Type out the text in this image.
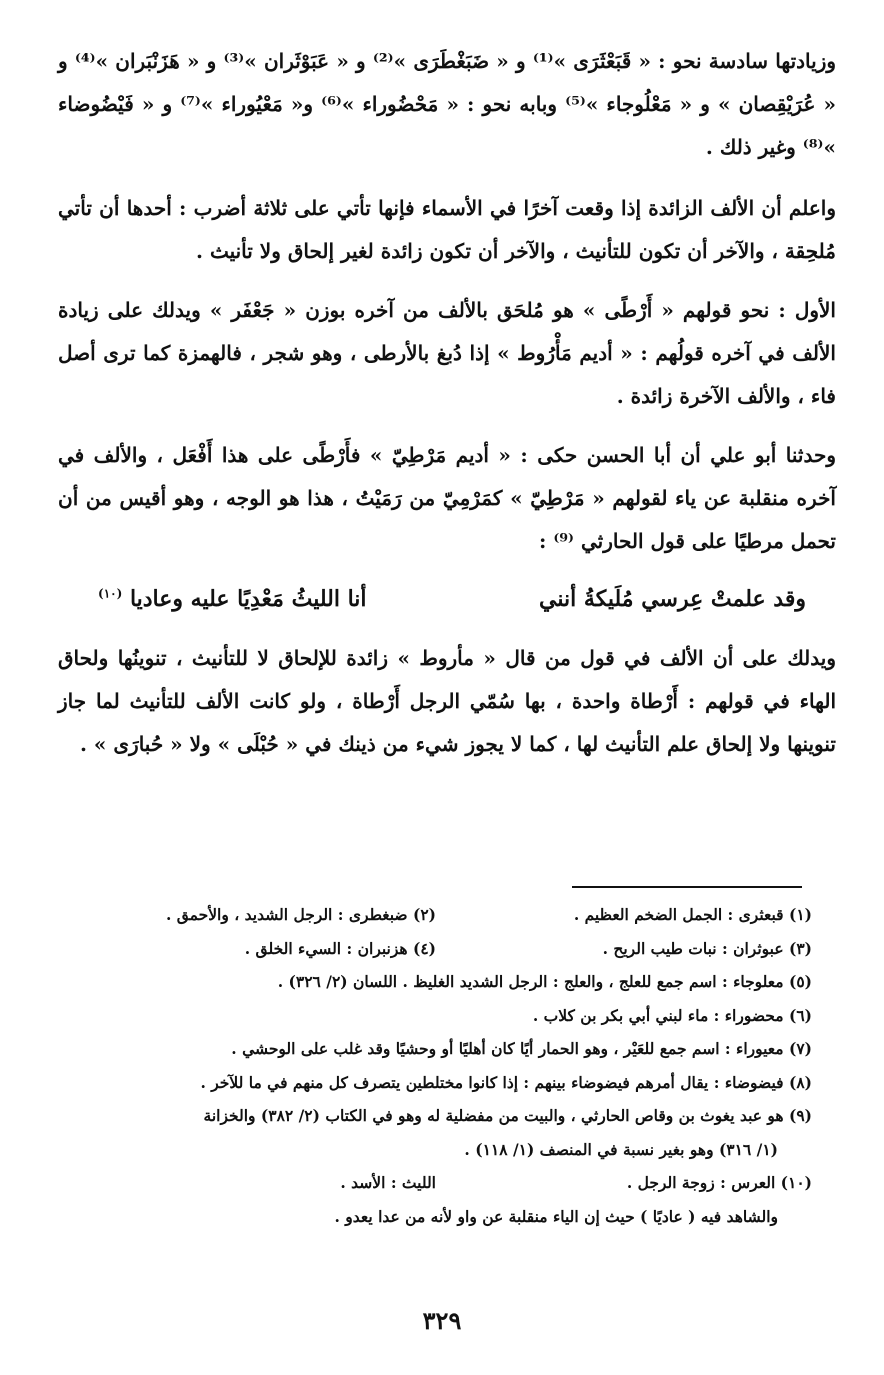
وزيادتها سادسة نحو : « قَبَعْثَرَى »⁽¹⁾ و « ضَبَغْطَرَى »⁽²⁾ و « عَبَوْثَران »⁽³⁾ و « هَزَنْبَران »⁽⁴⁾ و « عُرَيْقِصان » و « مَعْلُوجاء »⁽⁵⁾ وبابه نحو : « مَحْضُوراء »⁽⁶⁾ و« مَعْيُوراء »⁽⁷⁾ و « فَيْضُوضاء »⁽⁸⁾ وغير ذلك .

واعلم أن الألف الزائدة إذا وقعت آخرًا في الأسماء فإنها تأتي على ثلاثة أضرب : أحدها أن تأتي مُلحِقة ، والآخر أن تكون للتأنيث ، والآخر أن تكون زائدة لغير إلحاق ولا تأنيث .

الأول : نحو قولهم « أَرْطًى » هو مُلحَق بالألف من آخره بوزن « جَعْفَر » ويدلك على زيادة الألف في آخره قولُهم : « أديم مَأْرُوط » إذا دُبغ بالأرطى ، وهو شجر ، فالهمزة كما ترى أصل فاء ، والألف الآخرة زائدة .

وحدثنا أبو علي أن أبا الحسن حكى : « أديم مَرْطِيّ » فأَرْطًى على هذا أَفْعَل ، والألف في آخره منقلبة عن ياء لقولهم « مَرْطِيّ » كمَرْمِيّ من رَمَيْتُ ، هذا هو الوجه ، وهو أقيس من أن تحمل مرطيًا على قول الحارثي ⁽⁹⁾ :

وقد علمتْ عِرسي مُلَيكةُ أنني
أنا الليثُ مَعْدِيًا عليه وعاديا $^{(١٠)}$

ويدلك على أن الألف في قول من قال « مأروط » زائدة للإلحاق لا للتأنيث ، تنوينُها ولحاق الهاء في قولهم : أَرْطاة واحدة ، بها سُمّي الرجل أَرْطاة ، ولو كانت الألف للتأنيث لما جاز تنوينها ولا إلحاق علم التأنيث لها ، كما لا يجوز شيء من ذينك في « حُبْلَى » ولا « حُبارَى » .

(١) قبعثرى : الجمل الضخم العظيم .
(٢) ضبغطرى : الرجل الشديد ، والأحمق .
(٣) عبوثران : نبات طيب الريح .
(٤) هزنبران : السيء الخلق .
(٥) معلوجاء : اسم جمع للعلج ، والعلج : الرجل الشديد الغليظ . اللسان (٢/ ٣٢٦) .
(٦) محضوراء : ماء لبني أبي بكر بن كلاب .
(٧) معيوراء : اسم جمع للعَيْر ، وهو الحمار أيًا كان أهليًا أو وحشيًا وقد غلب على الوحشي .
(٨) فيضوضاء : يقال أمرهم فيضوضاء بينهم : إذا كانوا مختلطين يتصرف كل منهم في ما للآخر .
(٩) هو عبد يغوث بن وقاص الحارثي ، والبيت من مفضلية له وهو في الكتاب (٢/ ٣٨٢) والخزانة
(١/ ٣١٦) وهو بغير نسبة في المنصف (١/ ١١٨) .
(١٠) العرس : زوجة الرجل .
الليث : الأسد .
والشاهد فيه ( عاديًا ) حيث إن الياء منقلبة عن واو لأنه من عدا يعدو .
٣٢٩
